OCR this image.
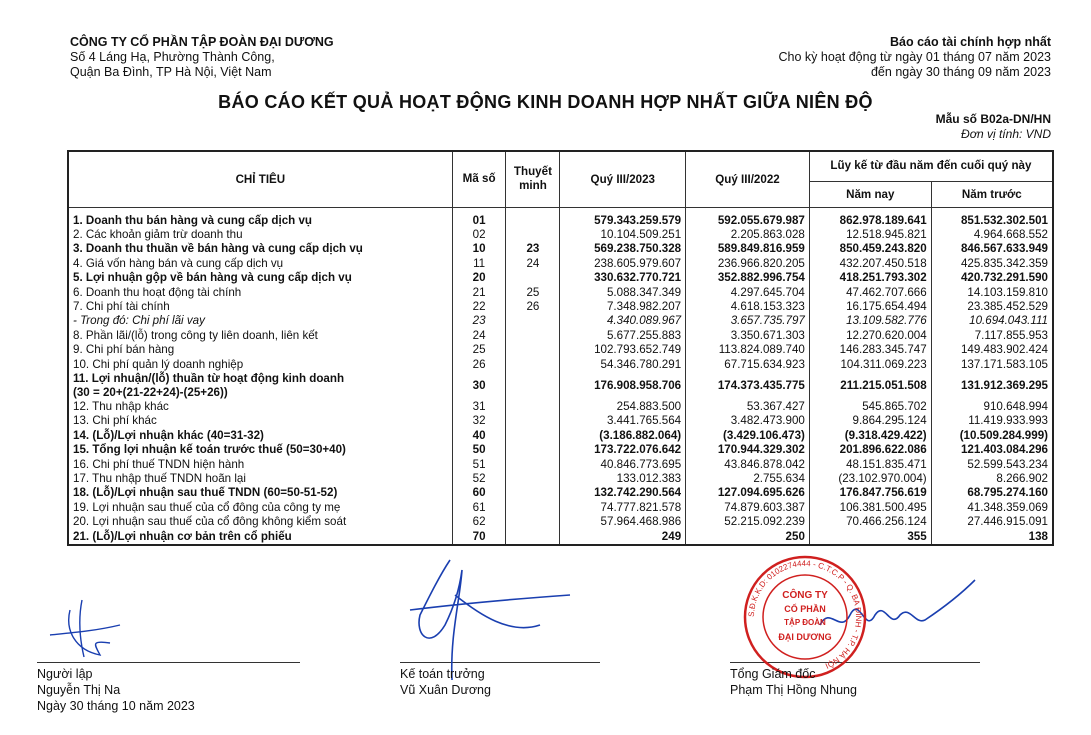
CÔNG TY CỔ PHẦN TẬP ĐOÀN ĐẠI DƯƠNG
Số 4 Láng Hạ, Phường Thành Công,
Quận Ba Đình, TP Hà Nội, Việt Nam
Báo cáo tài chính hợp nhất
Cho kỳ hoạt động từ ngày 01 tháng 07 năm 2023
đến ngày 30 tháng 09 năm 2023
BÁO CÁO KẾT QUẢ HOẠT ĐỘNG KINH DOANH HỢP NHẤT GIỮA NIÊN ĐỘ
Mẫu số B02a-DN/HN
Đơn vị tính: VND
CHỈ TIÊU	Mã số	Thuyết minh	Quý III/2023	Quý III/2022	Lũy kế từ đầu năm đến cuối quý này	
					Năm nay	Năm trước
1. Doanh thu bán hàng và cung cấp dịch vụ	01		579.343.259.579	592.055.679.987	862.978.189.641	851.532.302.501
2. Các khoản giảm trừ doanh thu	02		10.104.509.251	2.205.863.028	12.518.945.821	4.964.668.552
3. Doanh thu thuần về bán hàng và cung cấp dịch vụ	10	23	569.238.750.328	589.849.816.959	850.459.243.820	846.567.633.949
4. Giá vốn hàng bán và cung cấp dịch vụ	11	24	238.605.979.607	236.966.820.205	432.207.450.518	425.835.342.359
5. Lợi nhuận gộp về bán hàng và cung cấp dịch vụ	20		330.632.770.721	352.882.996.754	418.251.793.302	420.732.291.590
6. Doanh thu hoạt động tài chính	21	25	5.088.347.349	4.297.645.704	47.462.707.666	14.103.159.810
7. Chi phí tài chính	22	26	7.348.982.207	4.618.153.323	16.175.654.494	23.385.452.529
- Trong đó: Chi phí lãi vay	23		4.340.089.967	3.657.735.797	13.109.582.776	10.694.043.111
8. Phần lãi/(lỗ) trong công ty liên doanh, liên kết	24		5.677.255.883	3.350.671.303	12.270.620.004	7.117.855.953
9. Chi phí bán hàng	25		102.793.652.749	113.824.089.740	146.283.345.747	149.483.902.424
10. Chi phí quản lý doanh nghiệp	26		54.346.780.291	67.715.634.923	104.311.069.223	137.171.583.105

11. Lợi nhuận/(lỗ) thuần từ hoạt động kinh doanh
(30 = 20+(21-22+24)-(25+26))	30		176.908.958.706	174.373.435.775	211.215.051.508	131.912.369.295
12. Thu nhập khác	31		254.883.500	53.367.427	545.865.702	910.648.994
13. Chi phí khác	32		3.441.765.564	3.482.473.900	9.864.295.124	11.419.933.993
14. (Lỗ)/Lợi nhuận khác (40=31-32)	40		(3.186.882.064)	(3.429.106.473)	(9.318.429.422)	(10.509.284.999)
15. Tổng lợi nhuận kế toán trước thuế (50=30+40)	50		173.722.076.642	170.944.329.302	201.896.622.086	121.403.084.296
16. Chi phí thuế TNDN hiện hành	51		40.846.773.695	43.846.878.042	48.151.835.471	52.599.543.234
17. Thu nhập thuế TNDN hoãn lại	52		133.012.383	2.755.634	(23.102.970.004)	8.266.902
18. (Lỗ)/Lợi nhuận sau thuế TNDN (60=50-51-52)	60		132.742.290.564	127.094.695.626	176.847.756.619	68.795.274.160
19. Lợi nhuận sau thuế của cổ đông của công ty mẹ	61		74.777.821.578	74.879.603.387	106.381.500.495	41.348.359.069
20. Lợi nhuận sau thuế của cổ đông không kiểm soát	62		57.964.468.986	52.215.092.239	70.466.256.124	27.446.915.091
21. (Lỗ)/Lợi nhuận cơ bản trên cổ phiếu	70		249	250	355	138
S.Đ.K.K.D: 0102274444 - C.T.C.P - Q. BA ĐÌNH - T.P. HÀ NỘI
CÔNG TY
CỔ PHẦN
TẬP ĐOÀN
ĐẠI DƯƠNG
Người lập
Nguyễn Thị Na
Ngày 30 tháng 10 năm 2023
Kế toán trưởng
Vũ Xuân Dương
Tổng Giám đốc
Phạm Thị Hồng Nhung
